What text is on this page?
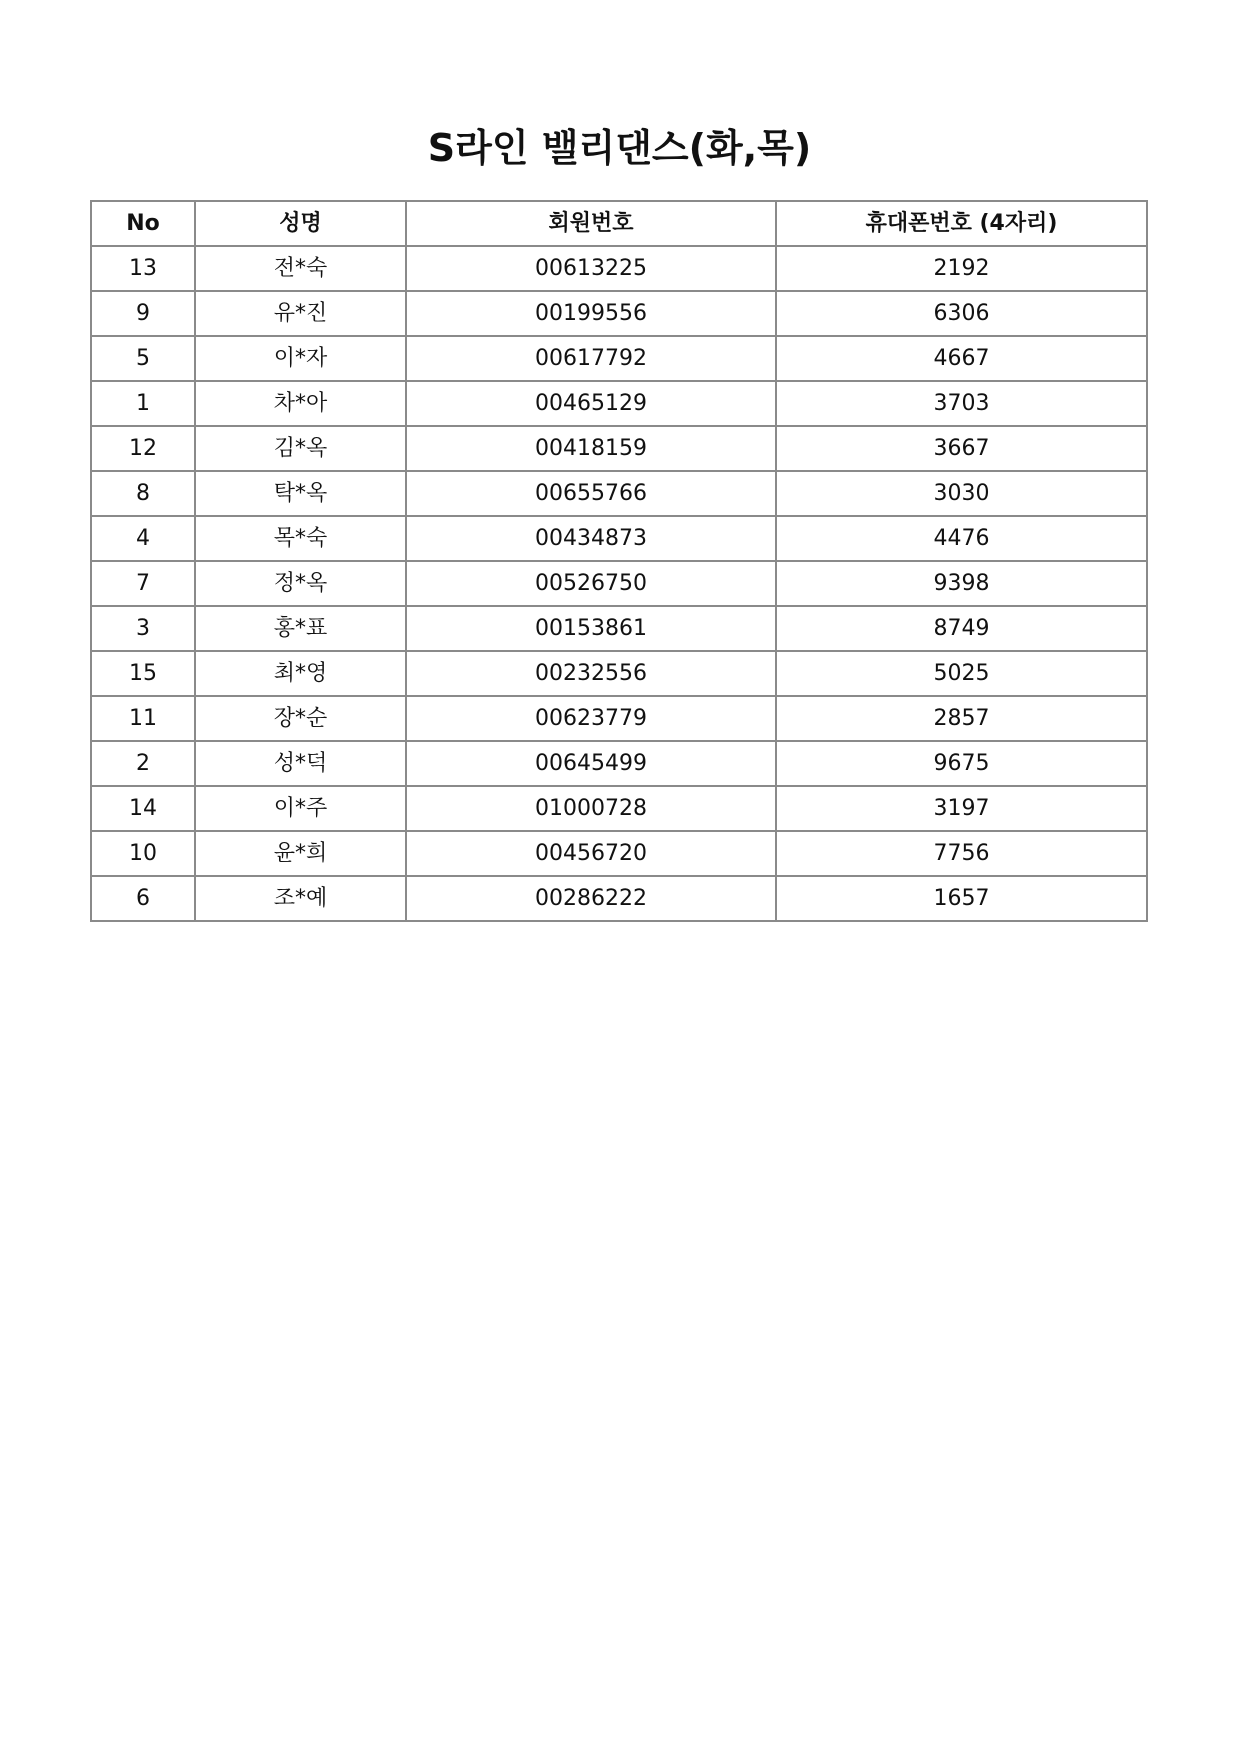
S라인 밸리댄스(화,목)
No	성명	회원번호	휴대폰번호 (4자리)
13	전*숙	00613225	2192
9	유*진	00199556	6306
5	이*자	00617792	4667
1	차*아	00465129	3703
12	김*옥	00418159	3667
8	탁*옥	00655766	3030
4	목*숙	00434873	4476
7	정*옥	00526750	9398
3	홍*표	00153861	8749
15	최*영	00232556	5025
11	장*순	00623779	2857
2	성*덕	00645499	9675
14	이*주	01000728	3197
10	윤*희	00456720	7756
6	조*예	00286222	1657
